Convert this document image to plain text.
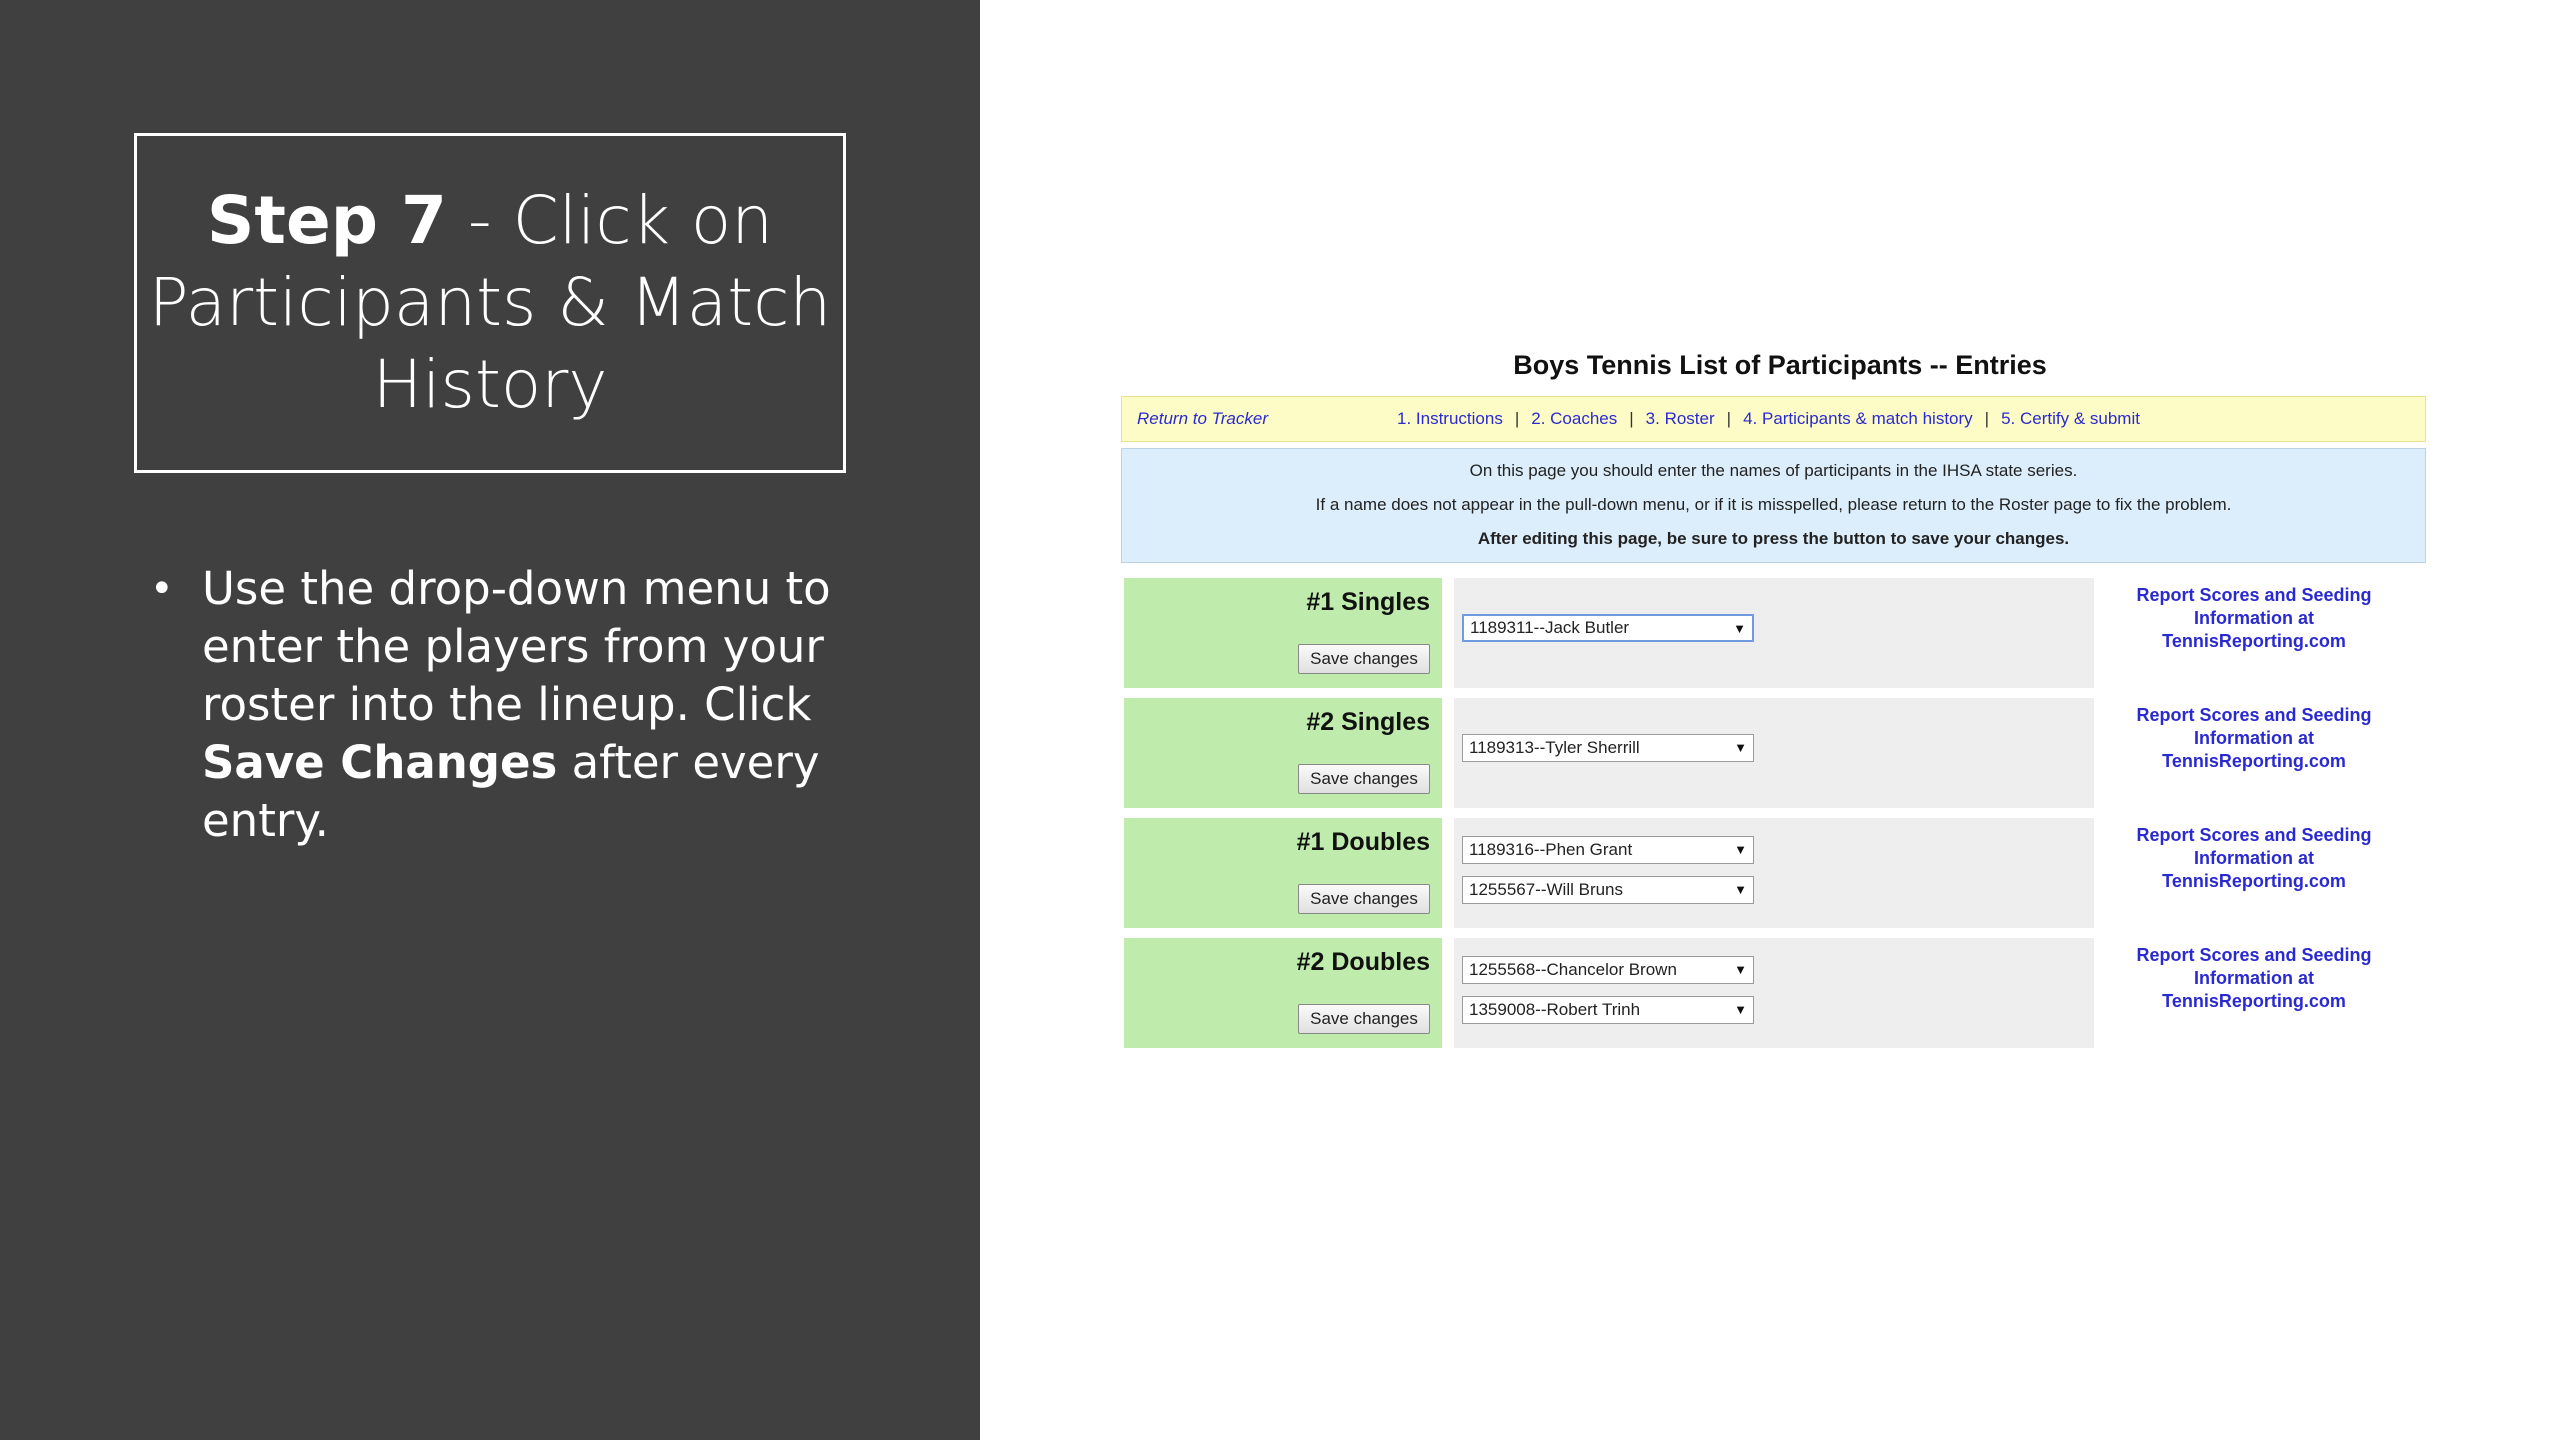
Step 7 - Click on
Participants & Match
History
• Use the drop-down menu to enter the players from your roster into the lineup. Click Save Changes after every entry.
Boys Tennis List of Participants -- Entries
Return to Tracker	1. Instructions | 2. Coaches | 3. Roster | 4. Participants & match history | 5. Certify & submit

On this page you should enter the names of participants in the IHSA state series.

If a name does not appear in the pull-down menu, or if it is misspelled, please return to the Roster page to fix the problem.

After editing this page, be sure to press the button to save your changes.

#1 Singles
Save changes
1189311--Jack Butler	▼
Report Scores and Seeding
Information at
TennisReporting.com
#2 Singles
Save changes
1189313--Tyler Sherrill	▼
Report Scores and Seeding
Information at
TennisReporting.com
#1 Doubles
Save changes
1189316--Phen Grant	▼
1255567--Will Bruns	▼
Report Scores and Seeding
Information at
TennisReporting.com
#2 Doubles
Save changes
1255568--Chancelor Brown	▼
1359008--Robert Trinh	▼
Report Scores and Seeding
Information at
TennisReporting.com
